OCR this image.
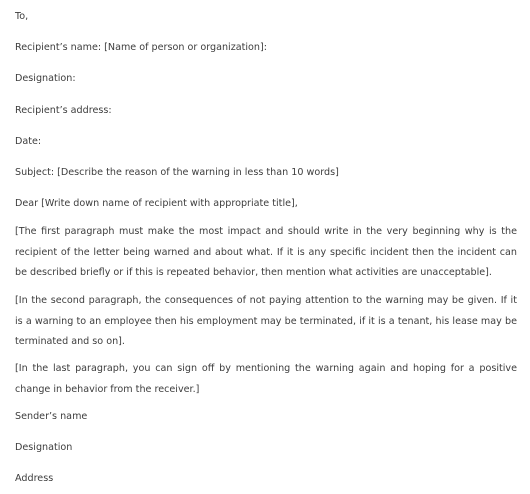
To,
Recipient’s name: [Name of person or organization]:
Designation:
Recipient’s address:
Date:
Subject: [Describe the reason of the warning in less than 10 words]
Dear [Write down name of recipient with appropriate title],
[The first paragraph must make the most impact and should write in the very beginning why is the recipient of the letter being warned and about what. If it is any specific incident then the incident can be described briefly or if this is repeated behavior, then mention what activities are unacceptable].
[In the second paragraph, the consequences of not paying attention to the warning may be given. If it is a warning to an employee then his employment may be terminated, if it is a tenant, his lease may be terminated and so on].
[In the last paragraph, you can sign off by mentioning the warning again and hoping for a positive change in behavior from the receiver.]
Sender’s name
Designation
Address
